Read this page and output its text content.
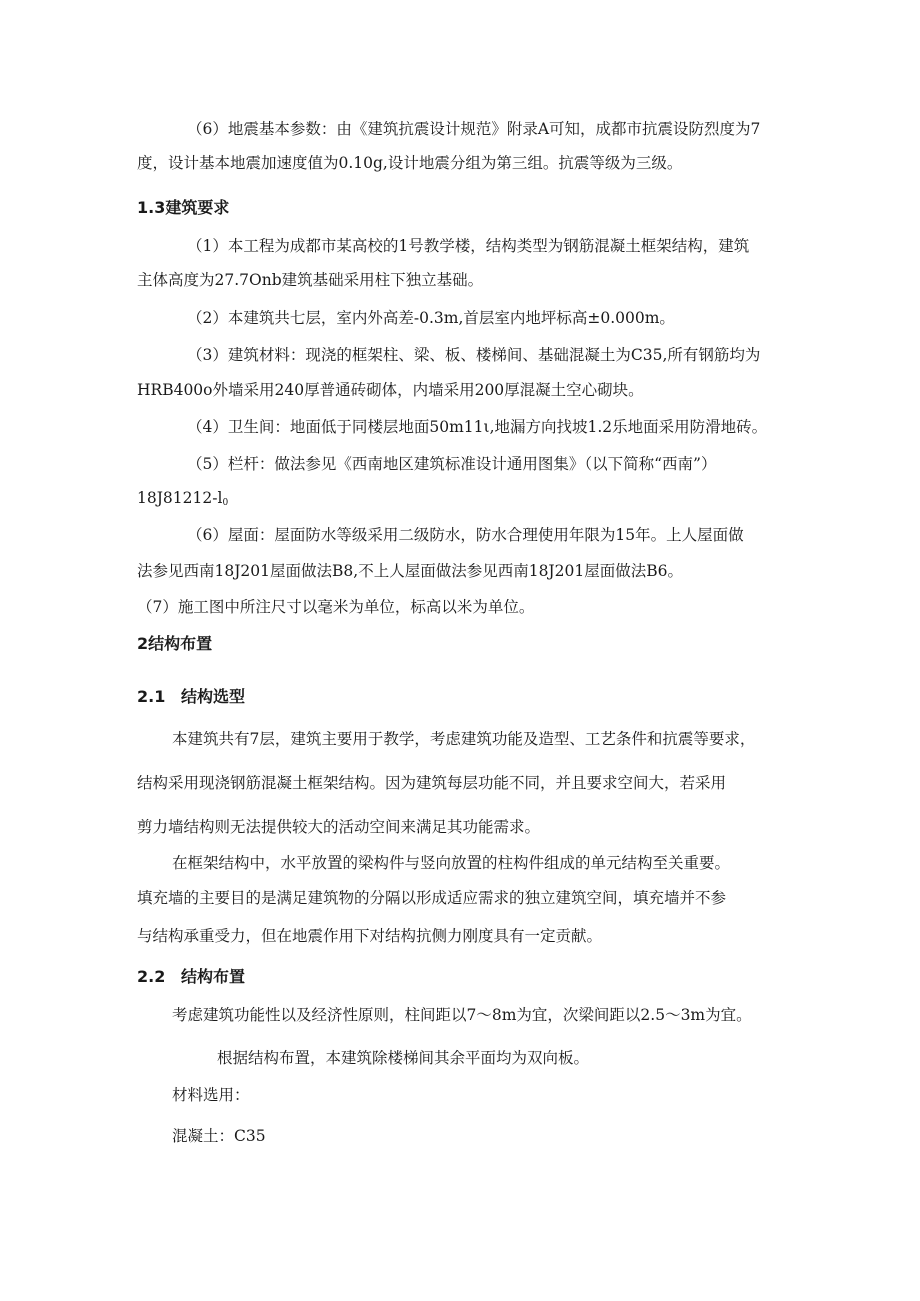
（6）地震基本参数：由《建筑抗震设计规范》附录A可知，成都市抗震设防烈度为7

度，设计基本地震加速度值为0.10g,设计地震分组为第三组。抗震等级为三级。

1.3建筑要求

（1）本工程为成都市某高校的1号教学楼，结构类型为钢筋混凝土框架结构，建筑

主体高度为27.7Onb建筑基础采用柱下独立基础。

（2）本建筑共七层，室内外高差-0.3m,首层室内地坪标高±0.000m。

（3）建筑材料：现浇的框架柱、梁、板、楼梯间、基础混凝土为C35,所有钢筋均为

HRB400o外墙采用240厚普通砖砌体，内墙采用200厚混凝土空心砌块。

（4）卫生间：地面低于同楼层地面50m11ι,地漏方向找坡1.2乐地面采用防滑地砖。

（5）栏杆：做法参见《西南地区建筑标准设计通用图集》（以下简称“西南”）

$18J81212-l_0$

（6）屋面：屋面防水等级采用二级防水，防水合理使用年限为15年。上人屋面做

法参见西南18J201屋面做法B8,不上人屋面做法参见西南18J201屋面做法B6。

（7）施工图中所注尺寸以毫米为单位，标高以米为单位。

2结构布置
2.1 结构选型

本建筑共有7层，建筑主要用于教学，考虑建筑功能及造型、工艺条件和抗震等要求，

结构采用现浇钢筋混凝土框架结构。因为建筑每层功能不同，并且要求空间大，若采用

剪力墙结构则无法提供较大的活动空间来满足其功能需求。

在框架结构中，水平放置的梁构件与竖向放置的柱构件组成的单元结构至关重要。

填充墙的主要目的是满足建筑物的分隔以形成适应需求的独立建筑空间，填充墙并不参

与结构承重受力，但在地震作用下对结构抗侧力刚度具有一定贡献。

2.2 结构布置

考虑建筑功能性以及经济性原则，柱间距以7～8m为宜，次梁间距以2.5～3m为宜。

根据结构布置，本建筑除楼梯间其余平面均为双向板。

材料选用：

混凝土：C35
